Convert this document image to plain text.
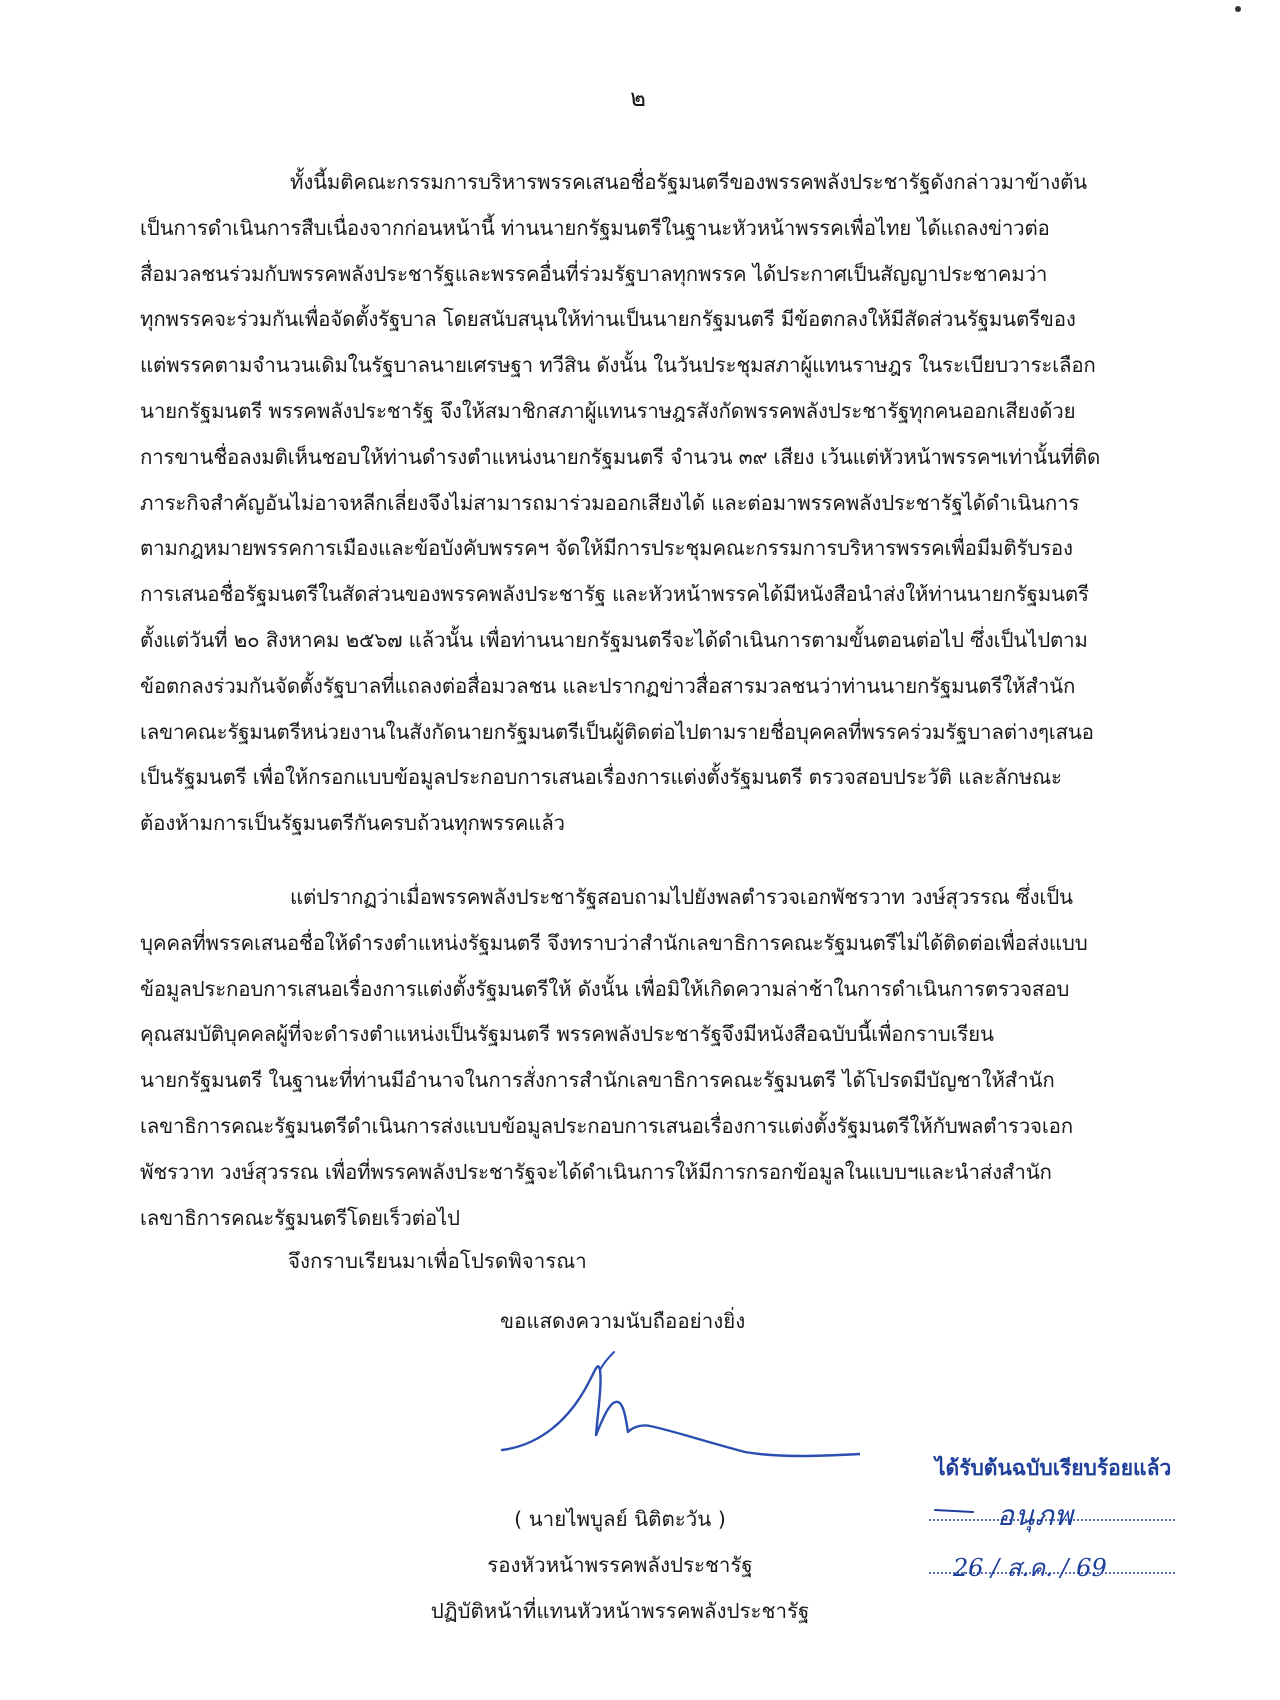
๒
ทั้งนี้มติคณะกรรมการบริหารพรรคเสนอชื่อรัฐมนตรีของพรรคพลังประชารัฐดังกล่าวมาข้างต้น
เป็นการดำเนินการสืบเนื่องจากก่อนหน้านี้ ท่านนายกรัฐมนตรีในฐานะหัวหน้าพรรคเพื่อไทย ได้แถลงข่าวต่อ
สื่อมวลชนร่วมกับพรรคพลังประชารัฐและพรรคอื่นที่ร่วมรัฐบาลทุกพรรค ได้ประกาศเป็นสัญญาประชาคมว่า
ทุกพรรคจะร่วมกันเพื่อจัดตั้งรัฐบาล โดยสนับสนุนให้ท่านเป็นนายกรัฐมนตรี มีข้อตกลงให้มีสัดส่วนรัฐมนตรีของ
แต่พรรคตามจำนวนเดิมในรัฐบาลนายเศรษฐา ทวีสิน ดังนั้น ในวันประชุมสภาผู้แทนราษฎร ในระเบียบวาระเลือก
นายกรัฐมนตรี พรรคพลังประชารัฐ จึงให้สมาชิกสภาผู้แทนราษฎรสังกัดพรรคพลังประชารัฐทุกคนออกเสียงด้วย
การขานชื่อลงมติเห็นชอบให้ท่านดำรงตำแหน่งนายกรัฐมนตรี จำนวน ๓๙ เสียง เว้นแต่หัวหน้าพรรคฯเท่านั้นที่ติด
ภาระกิจสำคัญอันไม่อาจหลีกเลี่ยงจึงไม่สามารถมาร่วมออกเสียงได้ และต่อมาพรรคพลังประชารัฐได้ดำเนินการ
ตามกฎหมายพรรคการเมืองและข้อบังคับพรรคฯ จัดให้มีการประชุมคณะกรรมการบริหารพรรคเพื่อมีมติรับรอง
การเสนอชื่อรัฐมนตรีในสัดส่วนของพรรคพลังประชารัฐ และหัวหน้าพรรคได้มีหนังสือนำส่งให้ท่านนายกรัฐมนตรี
ตั้งแต่วันที่ ๒๐ สิงหาคม ๒๕๖๗ แล้วนั้น เพื่อท่านนายกรัฐมนตรีจะได้ดำเนินการตามขั้นตอนต่อไป ซึ่งเป็นไปตาม
ข้อตกลงร่วมกันจัดตั้งรัฐบาลที่แถลงต่อสื่อมวลชน และปรากฏข่าวสื่อสารมวลชนว่าท่านนายกรัฐมนตรีให้สำนัก
เลขาคณะรัฐมนตรีหน่วยงานในสังกัดนายกรัฐมนตรีเป็นผู้ติดต่อไปตามรายชื่อบุคคลที่พรรคร่วมรัฐบาลต่างๆเสนอ
เป็นรัฐมนตรี เพื่อให้กรอกแบบข้อมูลประกอบการเสนอเรื่องการแต่งตั้งรัฐมนตรี ตรวจสอบประวัติ และลักษณะ
ต้องห้ามการเป็นรัฐมนตรีกันครบถ้วนทุกพรรคแล้ว
แต่ปรากฏว่าเมื่อพรรคพลังประชารัฐสอบถามไปยังพลตำรวจเอกพัชรวาท วงษ์สุวรรณ ซึ่งเป็น
บุคคลที่พรรคเสนอชื่อให้ดำรงตำแหน่งรัฐมนตรี จึงทราบว่าสำนักเลขาธิการคณะรัฐมนตรีไม่ได้ติดต่อเพื่อส่งแบบ
ข้อมูลประกอบการเสนอเรื่องการแต่งตั้งรัฐมนตรีให้ ดังนั้น เพื่อมิให้เกิดความล่าช้าในการดำเนินการตรวจสอบ
คุณสมบัติบุคคลผู้ที่จะดำรงตำแหน่งเป็นรัฐมนตรี พรรคพลังประชารัฐจึงมีหนังสือฉบับนี้เพื่อกราบเรียน
นายกรัฐมนตรี ในฐานะที่ท่านมีอำนาจในการสั่งการสำนักเลขาธิการคณะรัฐมนตรี ได้โปรดมีบัญชาให้สำนัก
เลขาธิการคณะรัฐมนตรีดำเนินการส่งแบบข้อมูลประกอบการเสนอเรื่องการแต่งตั้งรัฐมนตรีให้กับพลตำรวจเอก
พัชรวาท วงษ์สุวรรณ เพื่อที่พรรคพลังประชารัฐจะได้ดำเนินการให้มีการกรอกข้อมูลในแบบฯและนำส่งสำนัก
เลขาธิการคณะรัฐมนตรีโดยเร็วต่อไป
จึงกราบเรียนมาเพื่อโปรดพิจารณา
ขอแสดงความนับถืออย่างยิ่ง
( นายไพบูลย์ นิติตะวัน )
รองหัวหน้าพรรคพลังประชารัฐ
ปฏิบัติหน้าที่แทนหัวหน้าพรรคพลังประชารัฐ
ได้รับต้นฉบับเรียบร้อยแล้ว
อนุภพ
26 / ส.ค. / 69
